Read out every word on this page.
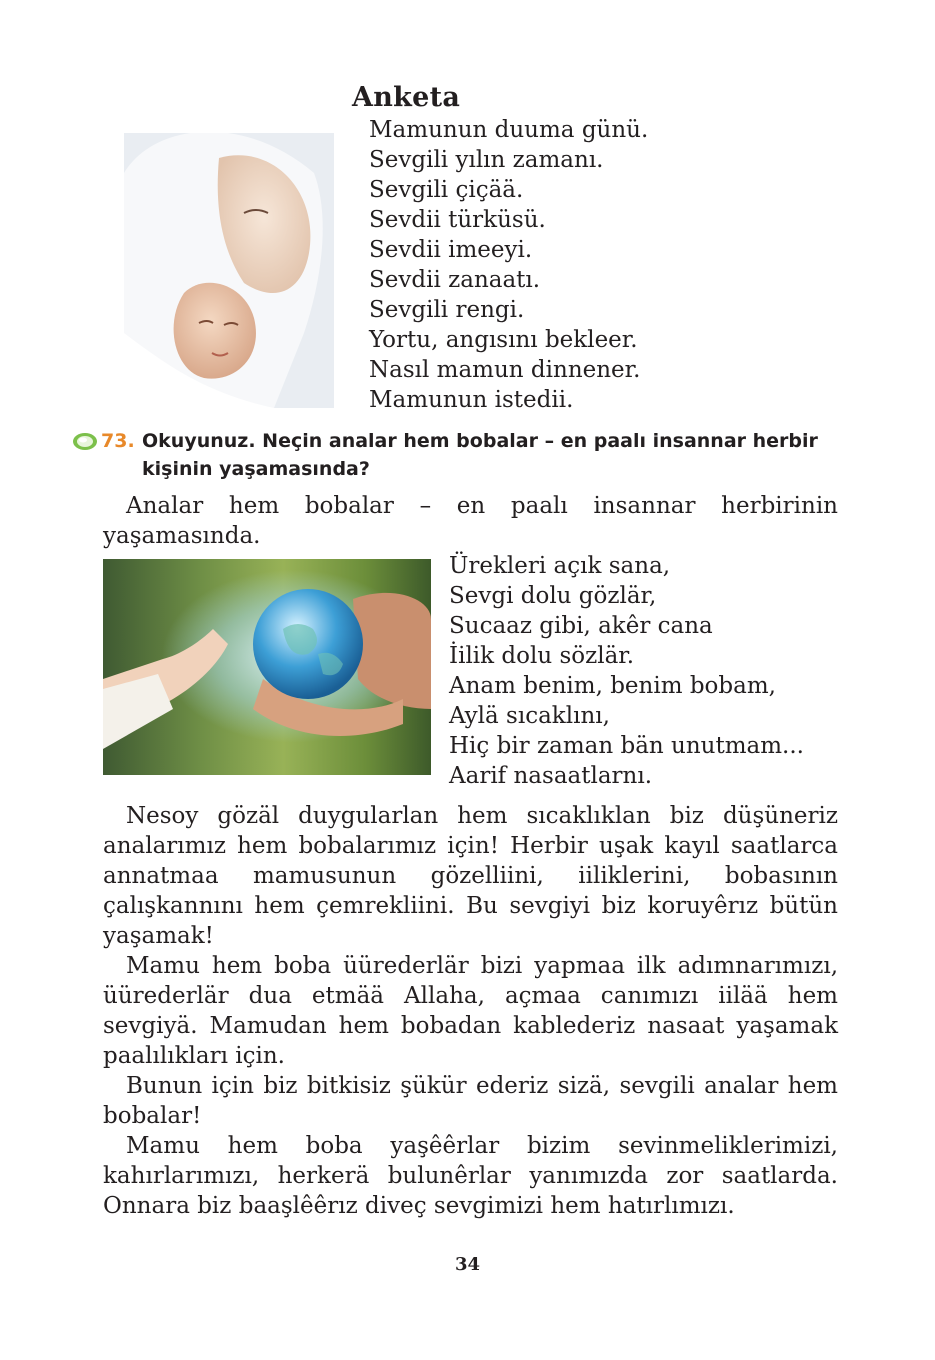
Anketa
Mamunun duuma günü.
Sevgili yılın zamanı.
Sevgili çiçää.
Sevdii türküsü.
Sevdii imeeyi.
Sevdii zanaatı.
Sevgili rengi.
Yortu, angısını bekleer.
Nasıl mamun dinnener.
Mamunun istedii.
73. Okuyunuz. Neçin analar hem bobalar – en paalı insannar herbir kişinin yaşamasında?

Analar hem bobalar – en paalı insannar herbirinin yaşamasında.

Ürekleri açık sana,
Sevgi dolu gözlär,
Sucaaz gibi, akêr cana
İilik dolu sözlär.
Anam benim, benim bobam,
Aylä sıcaklını,
Hiç bir zaman bän unutmam...
Aarif nasaatlarnı.

Nesoy gözäl duygularlan hem sıcaklıklan biz düşüneriz analarımız hem bobalarımız için! Herbir uşak kayıl saatlarca annatmaa mamusunun gözelliini, iiliklerini, bobasının çalışkannını hem çemrekliini. Bu sevgiyi biz koruyêrız bütün yaşamak!

Mamu hem boba üürederlär bizi yapmaa ilk adımnarımızı, üürederlär dua etmää Allaha, açmaa canımızı iilää hem sevgiyä. Mamudan hem bobadan kablederiz nasaat yaşamak paalılıkları için.

Bunun için biz bitkisiz şükür ederiz sizä, sevgili analar hem bobalar!

Mamu hem boba yaşêêrlar bizim sevinmeliklerimizi, kahırlarımızı, herkerä bulunêrlar yanımızda zor saatlarda. Onnara biz baaşlêêrız diveç sevgimizi hem hatırlımızı.

34
